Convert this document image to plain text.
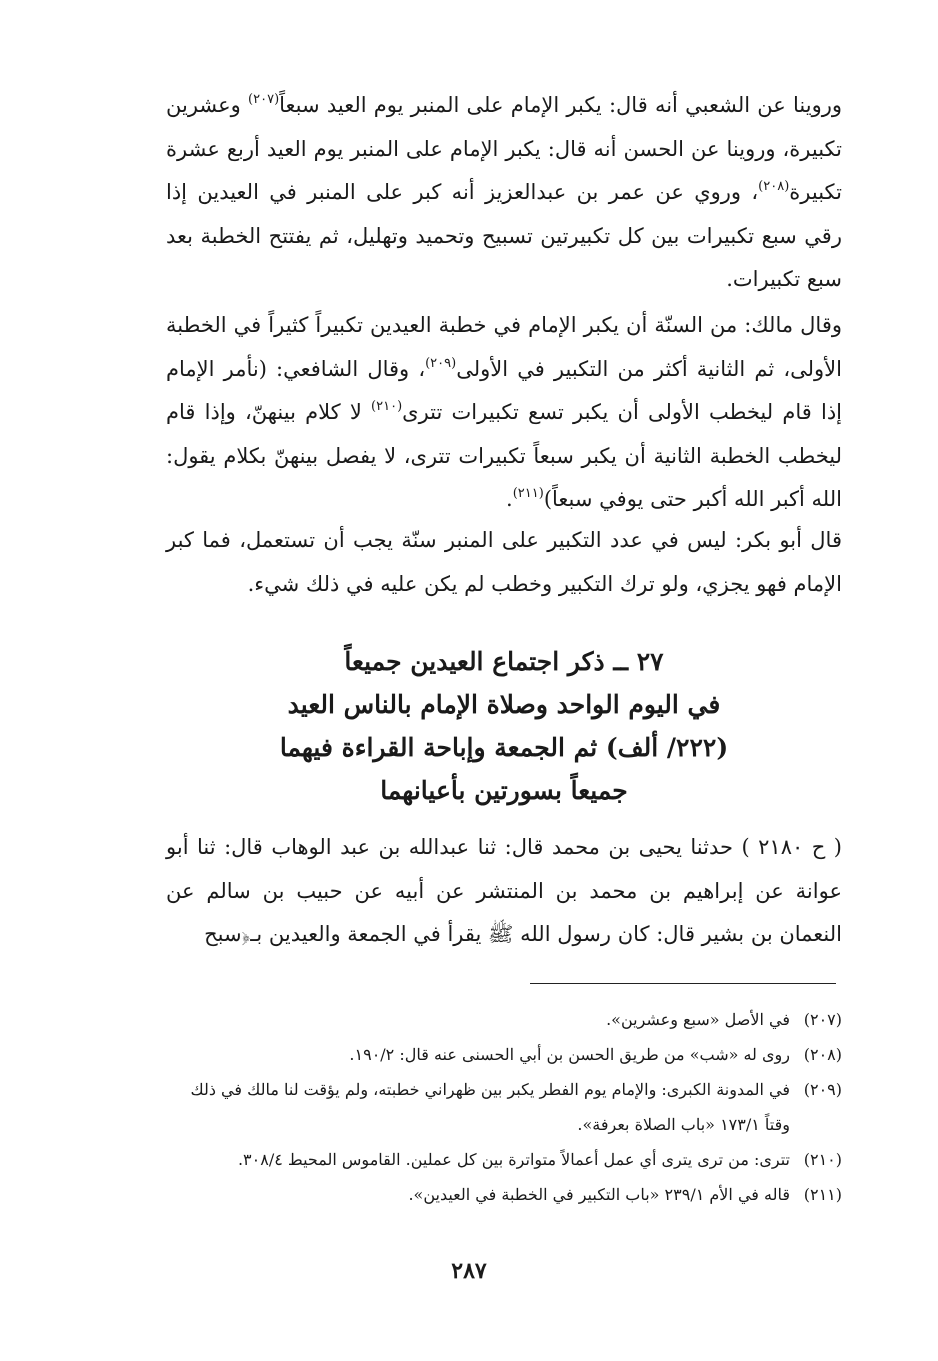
وروينا عن الشعبي أنه قال: يكبر الإمام على المنبر يوم العيد سبعاً$^{(٢٠٧)}$ وعشرين تكبيرة، وروينا عن الحسن أنه قال: يكبر الإمام على المنبر يوم العيد أربع عشرة تكبيرة$^{(٢٠٨)}$، وروي عن عمر بن عبدالعزيز أنه كبر على المنبر في العيدين إذا رقي سبع تكبيرات بين كل تكبيرتين تسبيح وتحميد وتهليل، ثم يفتتح الخطبة بعد سبع تكبيرات.

وقال مالك: من السنّة أن يكبر الإمام في خطبة العيدين تكبيراً كثيراً في الخطبة الأولى، ثم الثانية أكثر من التكبير في الأولى$^{(٢٠٩)}$، وقال الشافعي: (نأمر الإمام إذا قام ليخطب الأولى أن يكبر تسع تكبيرات تترى$^{(٢١٠)}$ لا كلام بينهنّ، وإذا قام ليخطب الخطبة الثانية أن يكبر سبعاً تكبيرات تترى، لا يفصل بينهنّ بكلام يقول: الله أكبر الله أكبر حتى يوفي سبعاً)$^{(٢١١)}$.

قال أبو بكر: ليس في عدد التكبير على المنبر سنّة يجب أن تستعمل، فما كبر الإمام فهو يجزي، ولو ترك التكبير وخطب لم يكن عليه في ذلك شيء.

٢٧ ــ ذكر اجتماع العيدين جميعاً
في اليوم الواحد وصلاة الإمام بالناس العيد
(٢٢٢/ ألف) ثم الجمعة وإباحة القراءة فيهما
جميعاً بسورتين بأعيانهما

( ح ٢١٨٠ ) حدثنا يحيى بن محمد قال: ثنا عبدالله بن عبد الوهاب قال: ثنا أبو عوانة عن إبراهيم بن محمد بن المنتشر عن أبيه عن حبيب بن سالم عن النعمان بن بشير قال: كان رسول الله ﷺ يقرأ في الجمعة والعيدين بـ﴿سبح

(٢٠٧)
في الأصل «سبع وعشرين».
(٢٠٨)
روى له «شب» من طريق الحسن بن أبي الحسنى عنه قال: ١٩٠/٢.
(٢٠٩)
في المدونة الكبرى: والإمام يوم الفطر يكبر بين ظهراني خطبته، ولم يؤقت لنا مالك في ذلك وقتاً ١٧٣/١ «باب الصلاة بعرفة».
(٢١٠)
تترى: من ترى يترى أي عمل أعمالاً متواترة بين كل عملين. القاموس المحيط ٣٠٨/٤.
(٢١١)
قاله في الأم ٢٣٩/١ «باب التكبير في الخطبة في العيدين».
٢٨٧
